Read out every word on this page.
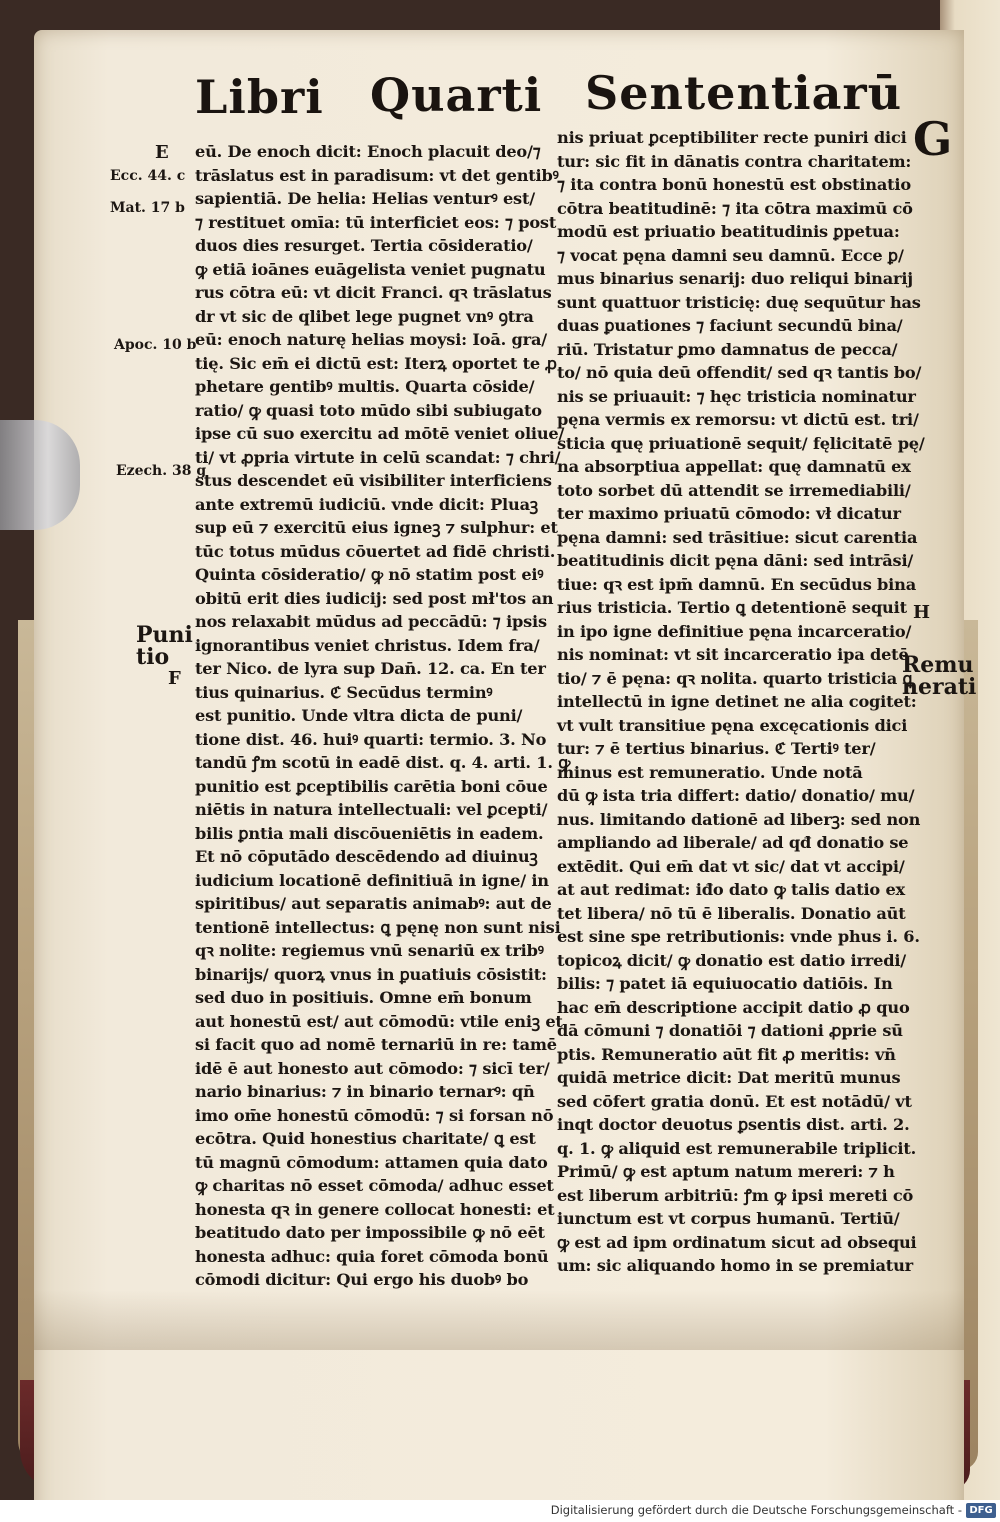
Libri Quarti Sententiarū
G
eū. De enoch dicit: Enoch placuit deo/⁊
trāslatus est in paradisum: vt det gentibꝰ
sapientiā. De helia: Helias venturꝰ est/
⁊ restituet omīa: tū interficiet eos: ⁊ post
duos dies resurget. Tertia cōsideratio/
ꝙ etiā ioānes euāgelista veniet pugnatu
rus cōtra eū: vt dicit Franci. qꝛ trāslatus
dr vt sic de qlibet lege pugnet vnꝰ ꝯtra
eū: enoch naturę helias moysi: Ioā. gra/
tię. Sic em̄ ei dictū est: Iterꝝ oportet te ꝓ
phetare gentibꝰ multis. Quarta cōside/
ratio/ ꝙ quasi toto mūdo sibi subiugato
ipse cū suo exercitu ad mōtē veniet oliue/
ti/ vt ꝓpria virtute in celū scandat: ⁊ chri/
stus descendet eū visibiliter interficiens
ante extremū iudiciū. vnde dicit: Pluaꝫ
sup eū ⁊ exercitū eius igneꝫ ⁊ sulphur: et
tūc totus mūdus cōuertet ad fidē christi.
Quinta cōsideratio/ ꝙ nō statim post eiꝰ
obitū erit dies iudicij: sed post mł'tos an
nos relaxabit mūdus ad peccādū: ⁊ ipsis
ignorantibus veniet christus. Idem fra/
ter Nico. de lyra sup Dan̄. 12. ca. En ter
tius quinarius. ℭ Secūdus terminꝰ
est punitio. Unde vltra dicta de puni/
tione dist. 46. huiꝰ quarti: termio. 3. No
tandū ꝭm scotū in eadē dist. q. 4. arti. 1. ꝙ
punitio est ꝑceptibilis carētia boni cōue
niētis in natura intellectuali: vel ꝑcepti/
bilis ꝑntia mali discōueniētis in eadem.
Et nō cōputādo descēdendo ad diuinuꝫ
iudicium locationē definitiuā in igne/ in
spiritibus/ aut separatis animabꝰ: aut de
tentionē intellectus: ꝗ pęnę non sunt nisi
qꝛ nolite: regiemus vnū senariū ex tribꝰ
binarijs/ quorꝝ vnus in ꝑuatiuis cōsistit:
sed duo in positiuis. Omne em̄ bonum
aut honestū est/ aut cōmodū: vtile eniꝫ et
si facit quo ad nomē ternariū in re: tamē
idē ē aut honesto aut cōmodo: ⁊ sicī ter/
nario binarius: ⁊ in binario ternarꝰ: qn̄
imo om̄e honestū cōmodū: ⁊ si forsan nō
ecōtra. Quid honestius charitate/ ꝗ est
tū magnū cōmodum: attamen quia dato
ꝙ charitas nō esset cōmoda/ adhuc esset
honesta qꝛ in genere collocat honesti: et
beatitudo dato per impossibile ꝙ nō eēt
honesta adhuc: quia foret cōmoda bonū
cōmodi dicitur: Qui ergo his duobꝰ bo
nis priuat ꝑceptibiliter recte puniri dici
tur: sic fit in dānatis contra charitatem:
⁊ ita contra bonū honestū est obstinatio
cōtra beatitudinē: ⁊ ita cōtra maximū cō
modū est priuatio beatitudinis ꝑpetua:
⁊ vocat pęna damni seu damnū. Ecce ꝑ/
mus binarius senarij: duo reliqui binarij
sunt quattuor tristicię: duę sequūtur has
duas ꝑuationes ⁊ faciunt secundū bina/
riū. Tristatur ꝑmo damnatus de pecca/
to/ nō quia deū offendit/ sed qꝛ tantis bo/
nis se priuauit: ⁊ hęc tristicia nominatur
pęna vermis ex remorsu: vt dictū est. tri/
sticia quę priuationē sequit/ fęlicitatē pę/
na absorptiua appellat: quę damnatū ex
toto sorbet dū attendit se irremediabili/
ter maximo priuatū cōmodo: vł dicatur
pęna damni: sed trāsitiue: sicut carentia
beatitudinis dicit pęna dāni: sed intrāsi/
tiue: qꝛ est ipm̄ damnū. En secūdus bina
rius tristicia. Tertio ꝗ detentionē sequit
in ipo igne definitiue pęna incarceratio/
nis nominat: vt sit incarceratio ipa detē
tio/ ⁊ ē pęna: qꝛ nolita. quarto tristicia ꝗ
intellectū in igne detinet ne alia cogitet:
vt vult transitiue pęna excęcationis dici
tur: ⁊ ē tertius binarius. ℭ Tertiꝰ ter/
minus est remuneratio. Unde notā
dū ꝙ ista tria differt: datio/ donatio/ mu/
nus. limitando dationē ad liberꝫ: sed non
ampliando ad liberale/ ad qđ donatio se
extēdit. Qui em̄ dat vt sic/ dat vt accipi/
at aut redimat: iđo dato ꝙ talis datio ex
tet libera/ nō tū ē liberalis. Donatio aūt
est sine spe retributionis: vnde phus i. 6.
topicoꝝ dicit/ ꝙ donatio est datio irredi/
bilis: ⁊ patet iā equiuocatio datiōis. In
hac em̄ descriptione accipit datio ꝓ quo
dā cōmuni ⁊ donatiōi ⁊ dationi ꝓprie sū
ptis. Remuneratio aūt fit ꝓ meritis: vn̄
quidā metrice dicit: Dat meritū munus
sed cōfert gratia donū. Et est notādū/ vt
inqt doctor deuotus ꝑsentis dist. arti. 2.
q. 1. ꝙ aliquid est remunerabile triplicit.
Primū/ ꝙ est aptum natum mereri: ⁊ h
est liberum arbitriū: ꝭm ꝙ ipsi mereti cō
iunctum est vt corpus humanū. Tertiū/
ꝙ est ad ipm ordinatum sicut ad obsequi
um: sic aliquando homo in se premiatur
E
Ecc. 44. c
Mat. 17 b
Apoc. 10 b
Ezech. 38 g
Puni
tio
F
H
Remu
nerati
Digitalisierung gefördert durch die Deutsche Forschungsgemeinschaft - DFG
